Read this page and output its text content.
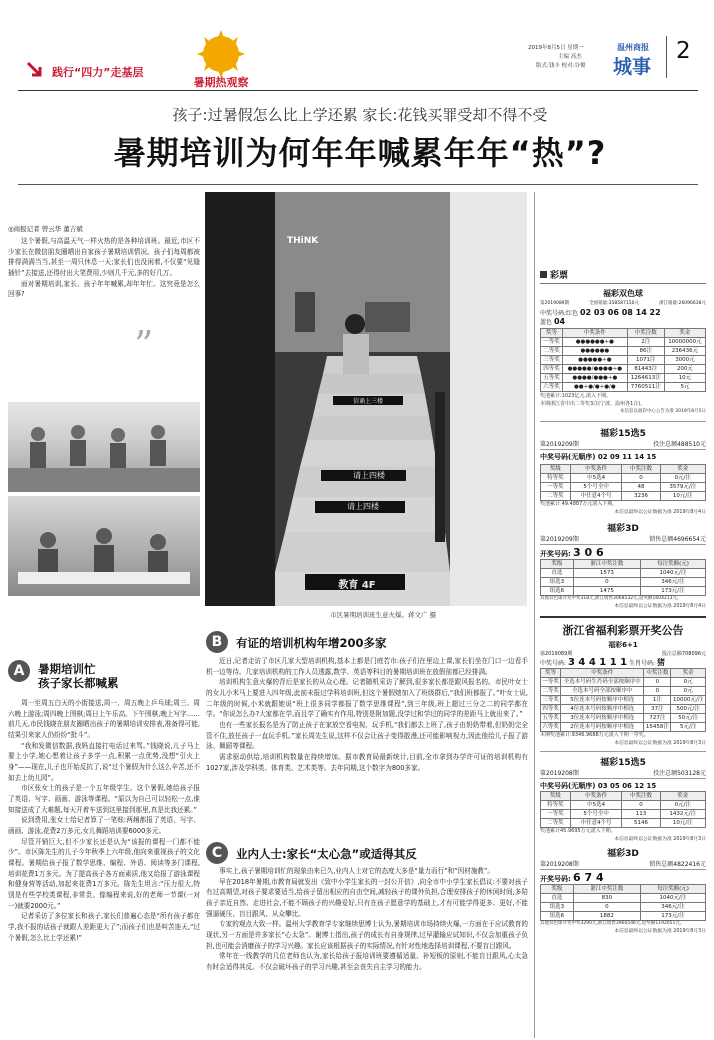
践行“四力”走基层
暑期热观察
2019年8月5日 星期一
主编 高杰
版式:钱丰 校对:谷俊
温州商报
城事
2
孩子:过暑假怎么比上学还累 家长:花钱买罪受却不得不受
暑期培训为何年年喊累年年“热”?
◎商报记者 曾云华 董吉斌

这个暑假,与高温天气一样火热的是各种培训班。最近,市区不少家长在微信朋友圈晒出自家孩子暑期培训情况。孩子们每周都被排得满满当当,甚至一周只休息一天;家长们也没闲着,不仅要“见缝插针”去接送,还得付出大笔费用,少则几千元,多的好几万。

面对暑期培训,家长、孩子年年喊累,却年年忙。这究竟是怎么回事?

”
教育 4F
请上四楼
请上四楼
信诵上三楼
THiNK
市区暑期培训班生意火爆。蒋文广 摄
A	暑期培训忙
孩子家长都喊累

周一至周五白天的小街接送,周一、周五晚上乒乓球;周三、周六晚上游泳;周四晚上围棋;周日上午乐高。下午围棋,晚上写字……前几天,市民钱晓在朋友圈晒出孩子的暑期培训安排表,准备得可能,结果引来家人仍纷纷“批斗”。

“我和发微信数据,我妈直接打电话过来骂。”钱晓说,儿子马上要上小学,她心想着让孩子多学一点,积累一点优势,没想“引火上身”——现在,儿子也开始反抗了,说“过个暑假为什么这么辛苦,还不如去上幼儿园”。

市区张女士的孩子是一个五年级学生。这个暑假,她给孩子报了英语、写字、画画、游泳等课程。“原以为自己可以轻松一点,谁知接送成了大难题,每天开着车送到这里接到那里,真是比我还累。”

说到费用,张女士给记者算了一笔账:两趟都报了英语、写字、画画、游泳,花费2万多元,女儿舞蹈培训要6000多元。

尽管开销巨大,但不少家长还是认为“该报的课程一门都不能少”。市区陈先生的儿子今年秋季上六年级,他向来重视孩子的文化课程。暑期给孩子报了数学思维、编程、外语、阅读等多门课程,培训花费1万多元。为了提高孩子各方面素质,他又给报了游泳课程和健身营等活动,加起来花费1万多元。陈先生坦言:“压力很大,特别是有些学校类课程,非常贵。像编程来说,好的老师一节课(一对一)就要2000元。”

记者采访了多位家长和孩子,家长们普遍心态是“所有孩子都在学,我不报的话孩子就跟人差距更大了”;而孩子们也是叫苦连天,“过个暑假,怎么比上学还累!”

B	有证的培训机构年增200多家

近日,记者走访了市区几家大型培训机构,基本上都是门庭若市:孩子们在里边上课,家长们坐在门口一边看手机一边等待。几家培训机构的工作人员透露,数学、英语等科目的暑期培训班在放假前都已经排满。

培训机构生意火爆的背后是家长的从众心理。记者随机采访了解到,很多家长都是跟风报名的。市民叶女士的女儿小米马上要进入四年级,此前未报过学科培训班,但这个暑假她加入了班级群后,“我们班都报了。”叶女士说,二年级的时候,小米就跟她说“班上很多同学都报了数学思维课程”,到三年级,班上超过三分之二的同学都在学。“你说怎么办?大家都在学,而且学了确实有作用,特别是附加题,没学过和学过的同学的差距马上就出来了。”

也有一些家长报名是为了防止孩子在家放空看电视、玩手机,“我们都去上班了,孩子由奶奶带着,但奶奶完全管不住,放任孩子一直玩手机。”家长周先生说,这样不仅会让孩子变得散漫,还可能影响视力,因此他给儿子报了游泳、舞蹈等课程。

需求驱动供给,培训机构数量在持续增加。据市教育局最新统计,目前,全市拿到办学许可证的培训机构有1027家,涉及学科类、体育类、艺术类等。去年同期,这个数字为800多家。

C	业内人士:家长“太心急”或适得其反

事实上,孩子暑期培训忙的现象由来已久,业内人士对它的态度大多是“量力而行”和“因材施教”。

早在2018年暑期,市教育局就发出《致中小学生家长的一封公开信》,向全市中小学生家长倡议:不要对孩子有过高期望,对孩子要求要适当,给孩子留出相应的自由空间,减轻孩子的课外负担,合理安排孩子的休闲时间,多陪孩子亲近自然、走进社会,不能不顾孩子的兴趣爱好,只有在孩子愿意学的基础上,才有可能学得更多、更好,不能强逼硬压、盲目跟风、从众攀比。

专家的观点大致一样。温州大学教育学专家继续思博士认为,暑期培训市场持续火爆,一方面在于应试教育的现状,另一方面是许多家长“心太急”。谢博士指出,孩子的成长有自身规律,过早灌输应试知识,不仅会加重孩子负担,也可能会消磨孩子的学习兴趣。家长应该根据孩子的实际情况,有针对性地选择培训课程,不要盲目跟风。

常年在一线教学的几位老师也认为,家长给孩子报培训班要遵循适量、补短板的原则,不能盲目跟风,心太急有时会适得其反。不仅会破坏孩子的学习兴趣,甚至会丧失自主学习的能力。

彩票
福彩双色球
第2019089期	全国销量:358587150元	浙江销量:26096638元
中奖号码:红色 02 03 06 08 14 22
蓝色 04
奖等	中奖条件	中奖注数	奖金
一等奖	●●●●●●+●	2注	10000000元
二等奖	●●●●●●	86注	236436元
三等奖	●●●●●+●	1071注	3000元
四等奖	●●●●●/●●●●+●	81443注	200元
五等奖	●●●●/●●●+●	1264613注	10元
六等奖	●●+●/●+●/●	7760511注	5元
奖池累计:1023亿元,滚入下期。
本期浙江省中出二等奖3注(宁波、温州各1注)。
本信息以福彩中心公告为准 2019年8月5日
福彩15选5
第2019209期	投注总额488510元
中奖号码(无顺序) 02 09 11 14 15
奖级	中奖条件	中奖注数	奖金
特等奖	中5选4	0	0元/注
一等奖	5个号全中	48	3579元/注
二等奖	中任意4个号	3236	10元/注
奖池累计 49.4887万元滚入下期。
本信息最终以公证数据为准 2019年8月4日
福彩3D
第2019209期	销售总额4696654元
开奖号码: 3 0 6
奖级	浙江中奖注数	每注奖额(元)
直选	1573	1040元/注
组选3	0	346元/注
组选6	1475	173元/注
其他双色球开奖中奖318元,浙江销售3068132元,返奖额1604213元。
本信息最终以公证数据为准 2019年8月4日
浙江省福利彩票开奖公告
福彩6+1
第2019089期	投注总额708096元
中奖号码: 3 4 4 1 1 1 生肖号码: 猪
奖等	中奖条件	中奖注数	奖金
一等奖	全选本号码生肖码全部按顺序中	0	0元
二等奖	全选本号码全部按顺序中	0	0元
三等奖	5位连本号码按顺序中相连	1注	10000元/注
四等奖	4位连本号码按顺序中相连	37注	500元/注
五等奖	3位连本号码按顺序中相连	727注	50元/注
六等奖	2位连本号码按顺序中相连	15458注	5元/注
本期奖池累计:9346.9688万元滚入下期一等奖。
本信息最终以公证数据为准 2019年8月3日
福彩15选5
第2019208期	投注总额503128元
中奖号码(无顺序) 03 05 06 12 15
奖级	中奖条件	中奖注数	奖金
特等奖	中5选4	0	0元/注
一等奖	5个号全中	113	1432元/注
二等奖	中任意4个号	5146	10元/注
奖池累计45.9695万元滚入下期。
本信息最终以公证数据为准 2019年8月3日
福彩3D
第2019208期	销售总额4822416元
开奖号码: 6 7 4
奖级	浙江中奖注数	每注奖额(元)
直选	830	1040元/注
组选3	0	346元/注
组选6	1882	173元/注
其他双色球开奖中奖3290元,浙江销售3960546元,返奖额1192051元。
本信息最终以公证数据为准 2019年8月3日
